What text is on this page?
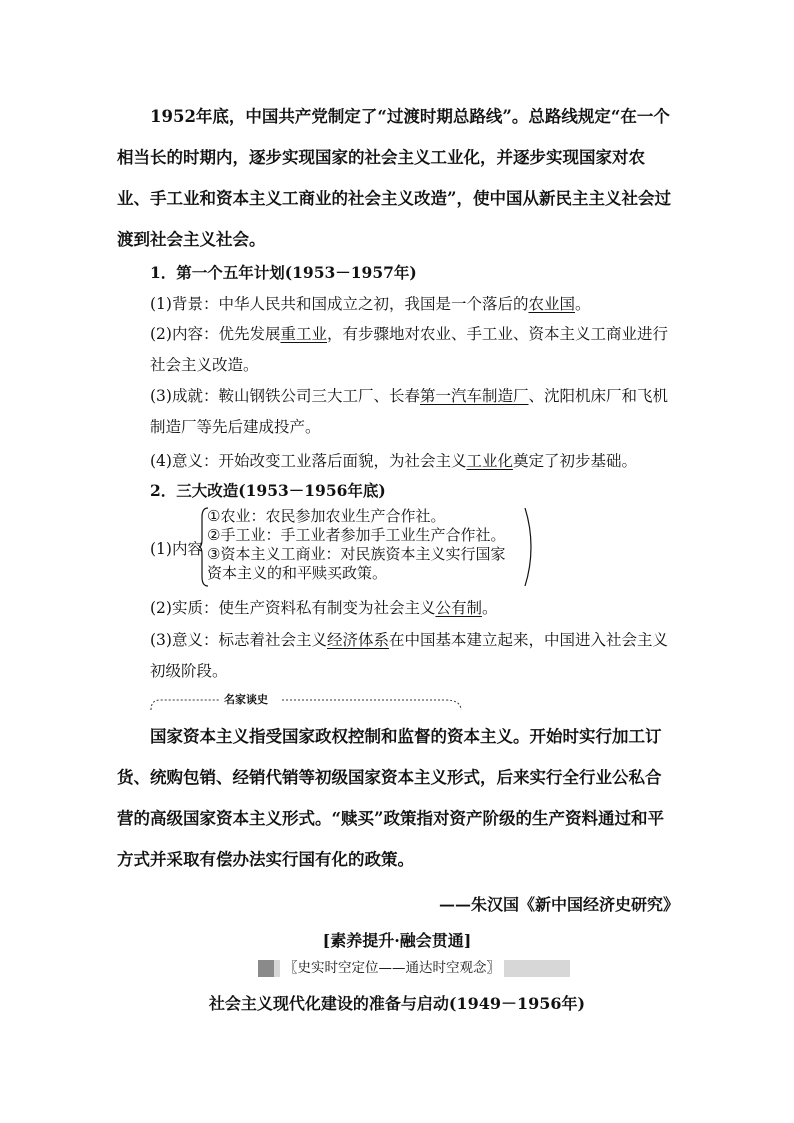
1952年底，中国共产党制定了“过渡时期总路线”。总路线规定“在一个相当长的时期内，逐步实现国家的社会主义工业化，并逐步实现国家对农业、手工业和资本主义工商业的社会主义改造”，使中国从新民主主义社会过渡到社会主义社会。
1．第一个五年计划(1953－1957年)
(1)背景：中华人民共和国成立之初，我国是一个落后的农业国。
(2)内容：优先发展重工业，有步骤地对农业、手工业、资本主义工商业进行社会主义改造。
(3)成就：鞍山钢铁公司三大工厂、长春第一汽车制造厂、沈阳机床厂和飞机制造厂等先后建成投产。
(4)意义：开始改变工业落后面貌，为社会主义工业化奠定了初步基础。
2．三大改造(1953－1956年底)
(1)内容
①农业：农民参加农业生产合作社。
②手工业：手工业者参加手工业生产合作社。
③资本主义工商业：对民族资本主义实行国家
资本主义的和平赎买政策。
(2)实质：使生产资料私有制变为社会主义公有制。
(3)意义：标志着社会主义经济体系在中国基本建立起来，中国进入社会主义初级阶段。
名家谈史
国家资本主义指受国家政权控制和监督的资本主义。开始时实行加工订货、统购包销、经销代销等初级国家资本主义形式，后来实行全行业公私合营的高级国家资本主义形式。“赎买”政策指对资产阶级的生产资料通过和平方式并采取有偿办法实行国有化的政策。
——朱汉国《新中国经济史研究》
[素养提升·融会贯通]
〖史实时空定位——通达时空观念〗
社会主义现代化建设的准备与启动(1949－1956年)
